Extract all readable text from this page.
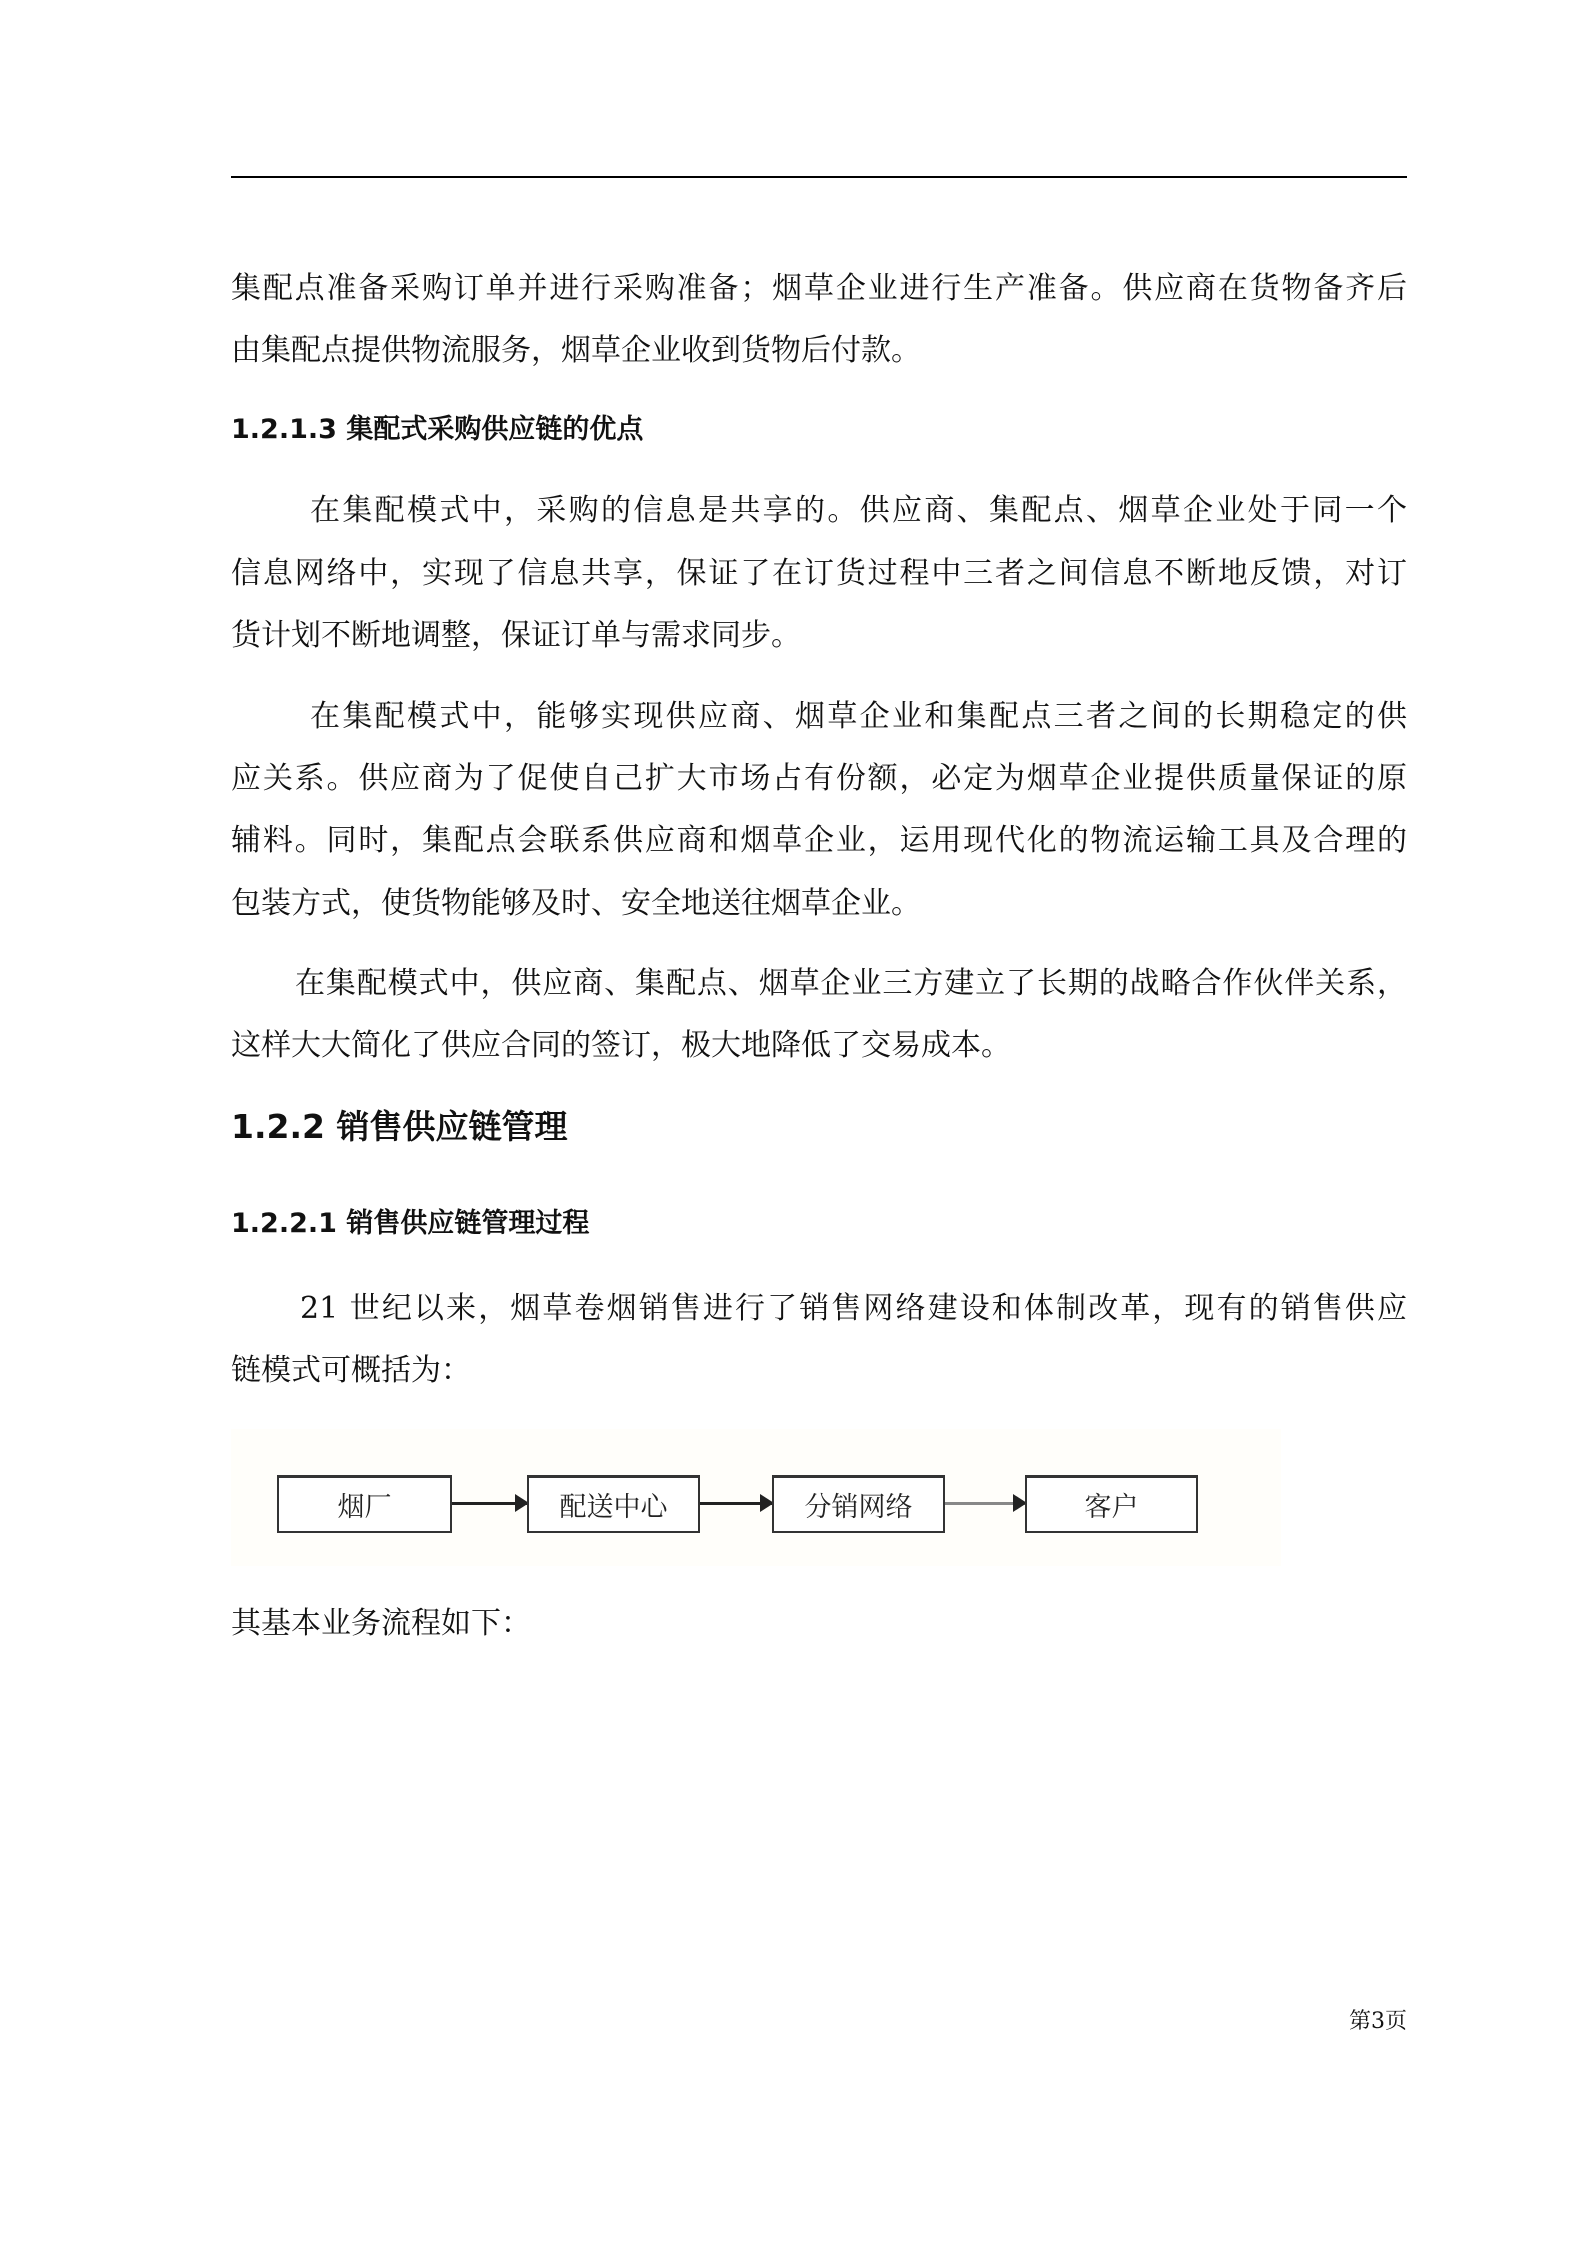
集配点准备采购订单并进行采购准备；烟草企业进行生产准备。供应商在货物备齐后
由集配点提供物流服务，烟草企业收到货物后付款。
1.2.1.3 集配式采购供应链的优点
在集配模式中，采购的信息是共享的。供应商、集配点、烟草企业处于同一个
信息网络中，实现了信息共享，保证了在订货过程中三者之间信息不断地反馈，对订
货计划不断地调整，保证订单与需求同步。
在集配模式中，能够实现供应商、烟草企业和集配点三者之间的长期稳定的供
应关系。供应商为了促使自己扩大市场占有份额，必定为烟草企业提供质量保证的原
辅料。同时，集配点会联系供应商和烟草企业，运用现代化的物流运输工具及合理的
包装方式，使货物能够及时、安全地送往烟草企业。
在集配模式中，供应商、集配点、烟草企业三方建立了长期的战略合作伙伴关系，
这样大大简化了供应合同的签订，极大地降低了交易成本。
1.2.2 销售供应链管理
1.2.2.1 销售供应链管理过程
21 世纪以来，烟草卷烟销售进行了销售网络建设和体制改革，现有的销售供应
链模式可概括为：
烟厂	配送中心	分销网络	客户
其基本业务流程如下：
第3页
